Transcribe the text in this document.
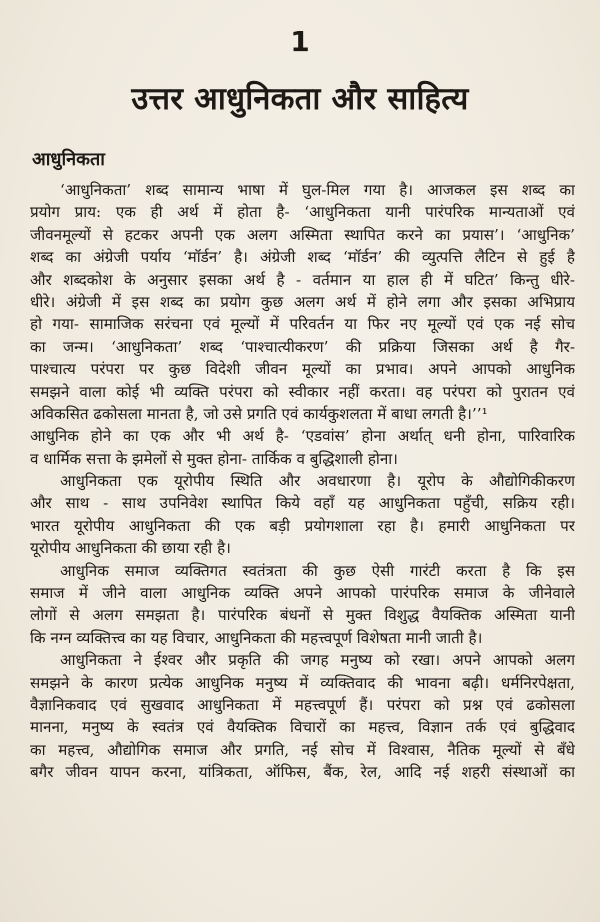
1
उत्तर आधुनिकता और साहित्य
आधुनिकता
‘आधुनिकता’ शब्द सामान्य भाषा में घुल-मिल गया है। आजकल इस शब्द का
प्रयोग प्राय: एक ही अर्थ में होता है- ‘आधुनिकता यानी पारंपरिक मान्यताओं एवं
जीवनमूल्यों से हटकर अपनी एक अलग अस्मिता स्थापित करने का प्रयास’। ‘आधुनिक’
शब्द का अंग्रेजी पर्याय ‘मॉर्डन’ है। अंग्रेजी शब्द ‘मॉर्डन’ की व्युत्पत्ति लैटिन से हुई है
और शब्दकोश के अनुसार इसका अर्थ है - वर्तमान या हाल ही में घटित’ किन्तु धीरे-
धीरे। अंग्रेजी में इस शब्द का प्रयोग कुछ अलग अर्थ में होने लगा और इसका अभिप्राय
हो गया- सामाजिक सरंचना एवं मूल्यों में परिवर्तन या फिर नए मूल्यों एवं एक नई सोच
का जन्म। ‘आधुनिकता’ शब्द ‘पाश्चात्यीकरण’ की प्रक्रिया जिसका अर्थ है गैर-
पाश्चात्य परंपरा पर कुछ विदेशी जीवन मूल्यों का प्रभाव। अपने आपको आधुनिक
समझने वाला कोई भी व्यक्ति परंपरा को स्वीकार नहीं करता। वह परंपरा को पुरातन एवं
अविकसित ढकोसला मानता है, जो उसे प्रगति एवं कार्यकुशलता में बाधा लगती है।’’¹
आधुनिक होने का एक और भी अर्थ है- ‘एडवांस’ होना अर्थात् धनी होना, पारिवारिक
व धार्मिक सत्ता के झमेलों से मुक्त होना- तार्किक व बुद्धिशाली होना।
आधुनिकता एक यूरोपीय स्थिति और अवधारणा है। यूरोप के औद्योगिकीकरण
और साथ - साथ उपनिवेश स्थापित किये वहाँ यह आधुनिकता पहुँची, सक्रिय रही।
भारत यूरोपीय आधुनिकता की एक बड़ी प्रयोगशाला रहा है। हमारी आधुनिकता पर
यूरोपीय आधुनिकता की छाया रही है।
आधुनिक समाज व्यक्तिगत स्वतंत्रता की कुछ ऐसी गारंटी करता है कि इस
समाज में जीने वाला आधुनिक व्यक्ति अपने आपको पारंपरिक समाज के जीनेवाले
लोगों से अलग समझता है। पारंपरिक बंधनों से मुक्त विशुद्ध वैयक्तिक अस्मिता यानी
कि नग्न व्यक्तित्त्व का यह विचार, आधुनिकता की महत्त्वपूर्ण विशेषता मानी जाती है।
आधुनिकता ने ईश्वर और प्रकृति की जगह मनुष्य को रखा। अपने आपको अलग
समझने के कारण प्रत्येक आधुनिक मनुष्य में व्यक्तिवाद की भावना बढ़ी। धर्मनिरपेक्षता,
वैज्ञानिकवाद एवं सुखवाद आधुनिकता में महत्त्वपूर्ण हैं। परंपरा को प्रश्न एवं ढकोसला
मानना, मनुष्य के स्वतंत्र एवं वैयक्तिक विचारों का महत्त्व, विज्ञान तर्क एवं बुद्धिवाद
का महत्त्व, औद्योगिक समाज और प्रगति, नई सोच में विश्वास, नैतिक मूल्यों से बँधे
बगैर जीवन यापन करना, यांत्रिकता, ऑफिस, बैंक, रेल, आदि नई शहरी संस्थाओं का
